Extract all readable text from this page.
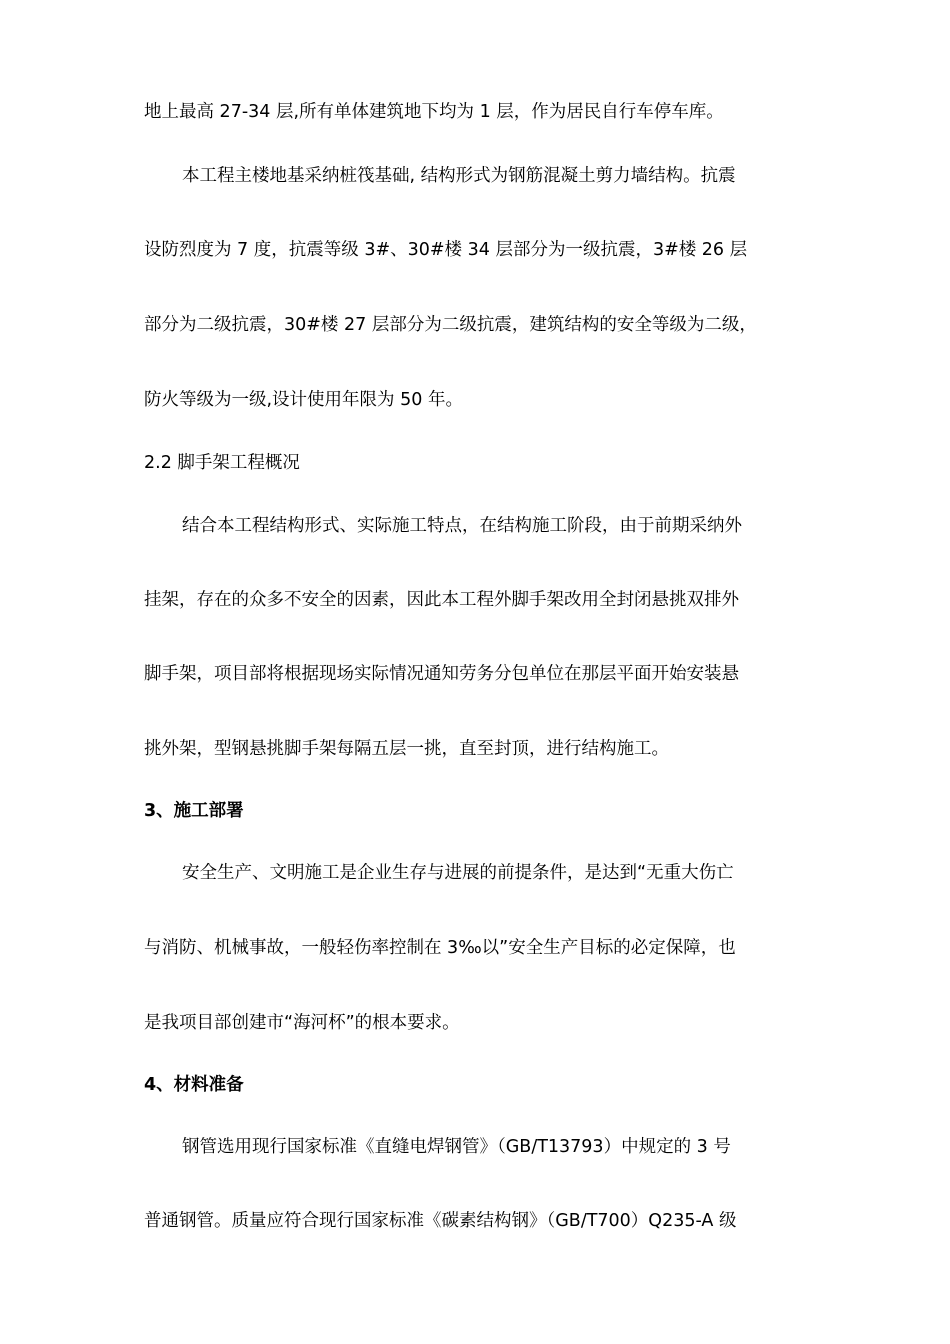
地上最高 27-34 层,所有单体建筑地下均为 1 层，作为居民自行车停车库。
本工程主楼地基采纳桩筏基础, 结构形式为钢筋混凝土剪力墙结构。抗震
设防烈度为 7 度，抗震等级 3#、30#楼 34 层部分为一级抗震，3#楼 26 层
部分为二级抗震，30#楼 27 层部分为二级抗震，建筑结构的安全等级为二级，
防火等级为一级,设计使用年限为 50 年。
2.2 脚手架工程概况
结合本工程结构形式、实际施工特点，在结构施工阶段，由于前期采纳外
挂架，存在的众多不安全的因素，因此本工程外脚手架改用全封闭悬挑双排外
脚手架，项目部将根据现场实际情况通知劳务分包单位在那层平面开始安装悬
挑外架，型钢悬挑脚手架每隔五层一挑，直至封顶，进行结构施工。
3、施工部署
安全生产、文明施工是企业生存与进展的前提条件，是达到“无重大伤亡
与消防、机械事故，一般轻伤率控制在 3‰以”安全生产目标的必定保障，也
是我项目部创建市“海河杯”的根本要求。
4、材料准备
钢管选用现行国家标准《直缝电焊钢管》（GB/T13793）中规定的 3 号
普通钢管。质量应符合现行国家标准《碳素结构钢》（GB/T700）Q235-A 级
